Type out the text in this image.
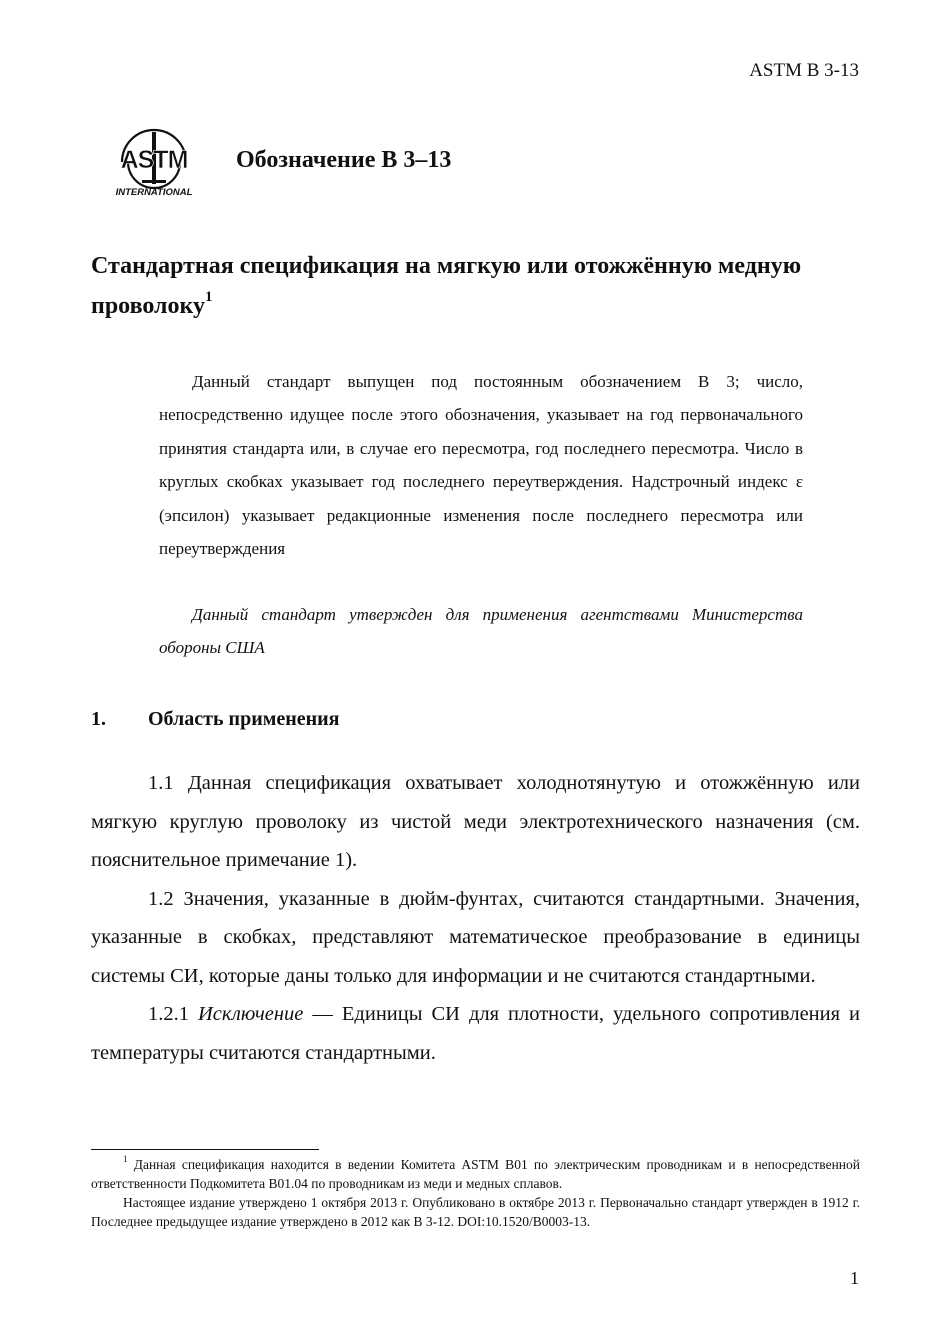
ASTM B 3-13
ASTM
INTERNATIONAL
Обозначение B 3–13
Стандартная спецификация на мягкую или отожжённую медную проволоку$^1$
Данный стандарт выпущен под постоянным обозначением B 3; число, непосредственно идущее после этого обозначения, указывает на год первоначального принятия стандарта или, в случае его пересмотра, год последнего пересмотра. Число в круглых скобках указывает год последнего переутверждения. Надстрочный индекс ε (эпсилон) указывает редакционные изменения после последнего пересмотра или переутверждения
Данный стандарт утвержден для применения агентствами Министерства обороны США
1. Область применения

1.1 Данная спецификация охватывает холоднотянутую и отожжённую или мягкую круглую проволоку из чистой меди электротехнического назначения (см. пояснительное примечание 1).

1.2 Значения, указанные в дюйм-фунтах, считаются стандартными. Значения, указанные в скобках, представляют математическое преобразование в единицы системы СИ, которые даны только для информации и не считаются стандартными.

1.2.1 Исключение — Единицы СИ для плотности, удельного сопротивления и температуры считаются стандартными.

$^1$ Данная спецификация находится в ведении Комитета ASTM B01 по электрическим проводникам и в непосредственной ответственности Подкомитета B01.04 по проводникам из меди и медных сплавов.

Настоящее издание утверждено 1 октября 2013 г. Опубликовано в октябре 2013 г. Первоначально стандарт утвержден в 1912 г. Последнее предыдущее издание утверждено в 2012 как B 3-12. DOI:10.1520/B0003-13.

1
